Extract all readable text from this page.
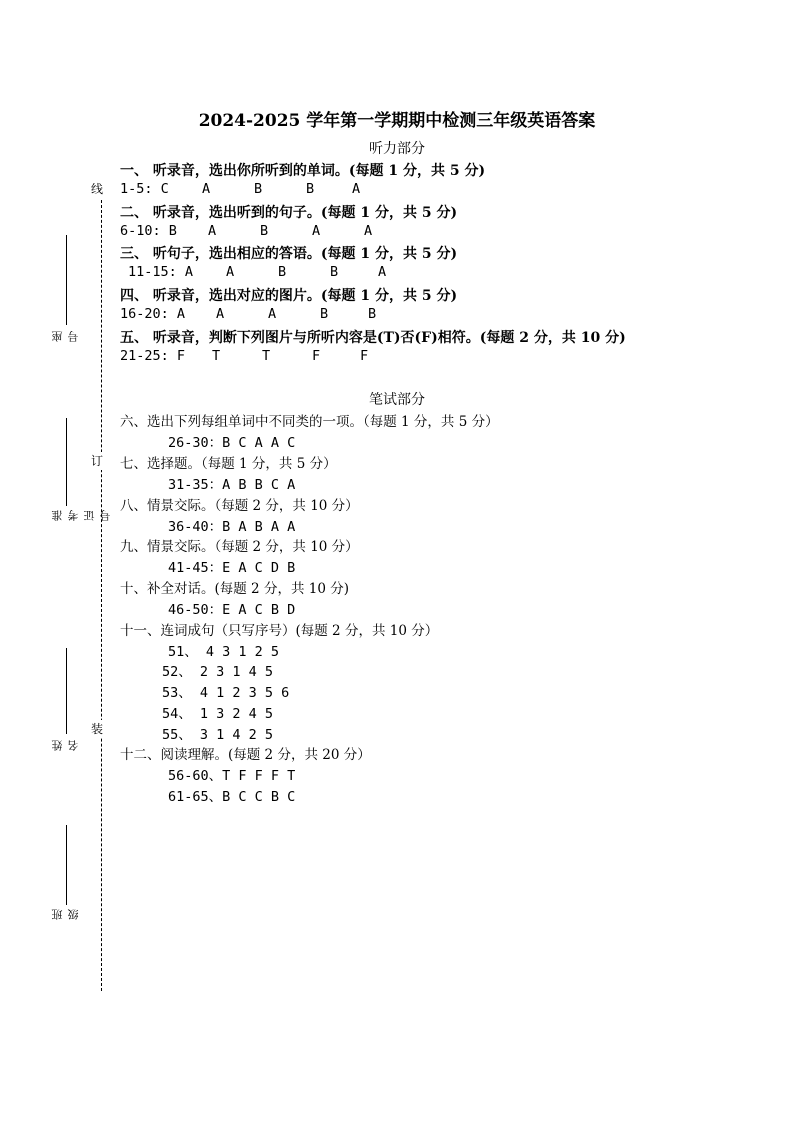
线
订
装
座号
准考证号
姓名
班级
2024-2025 学年第一学期期中检测三年级英语答案
听力部分
一、 听录音，选出你所听到的单词。(每题 1 分，共 5 分)
1-5: C A	B	B	A
二、 听录音，选出听到的句子。(每题 1 分，共 5 分)
6-10: B A	B	A	A
三、 听句子，选出相应的答语。(每题 1 分，共 5 分)
11-15: A A	B	B	A
四、 听录音，选出对应的图片。(每题 1 分，共 5 分)
16-20: A A	A	B	B
五、 听录音，判断下列图片与所听内容是(T)否(F)相符。(每题 2 分，共 10 分)
21-25: F T	T	F	F
笔试部分
六、选出下列每组单词中不同类的一项。（每题 1 分，共 5 分）
26-30：B C A A C
七、选择题。（每题 1 分，共 5 分）
31-35：A B B C A
八、情景交际。（每题 2 分，共 10 分）
36-40：B A B A A
九、情景交际。（每题 2 分，共 10 分）
41-45：E A C D B
十、补全对话。(每题 2 分，共 10 分)
46-50：E A C B D
十一、连词成句（只写序号）(每题 2 分，共 10 分）
51、 4 3 1 2 5
52、 2 3 1 4 5
53、 4 1 2 3 5 6
54、 1 3 2 4 5
55、 3 1 4 2 5
十二、阅读理解。(每题 2 分，共 20 分）
56-60、T F F F T
61-65、B C C B C
